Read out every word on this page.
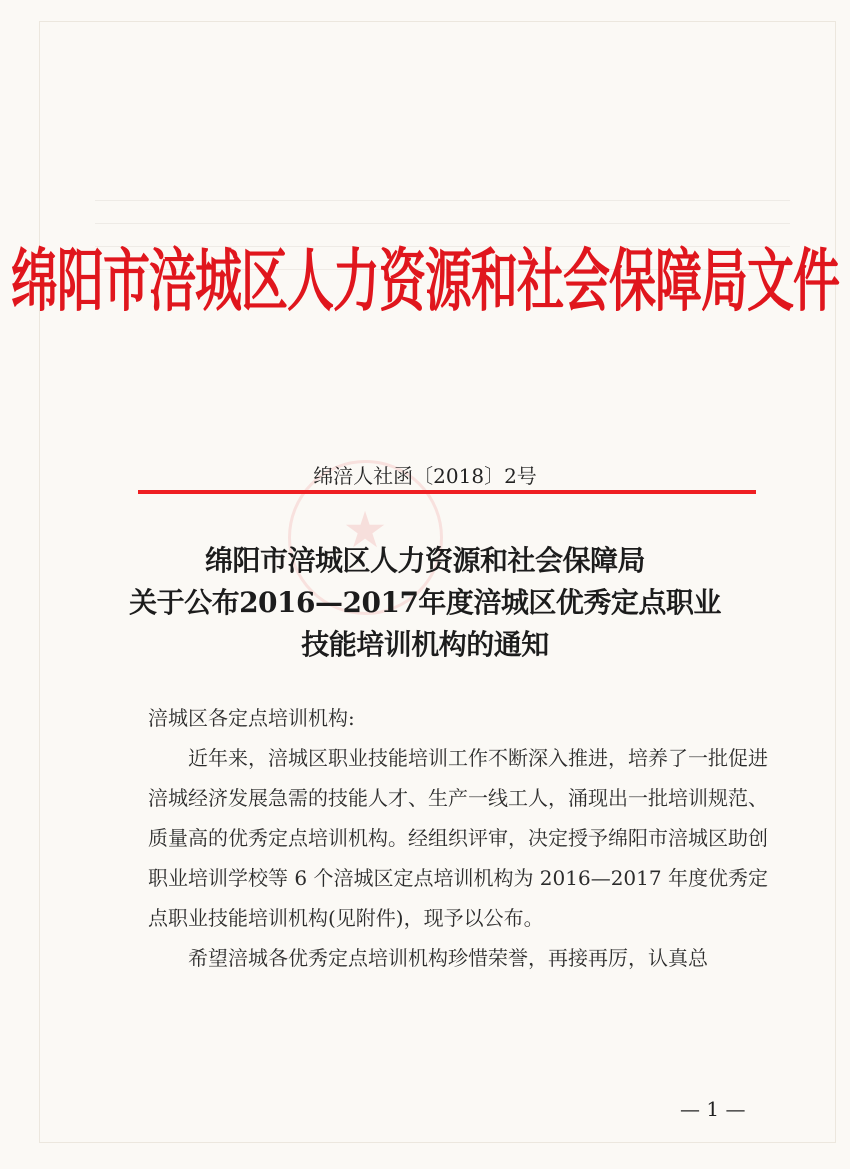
绵阳市涪城区人力资源和社会保障局文件
★
绵涪人社函〔2018〕2号
绵阳市涪城区人力资源和社会保障局
关于公布2016—2017年度涪城区优秀定点职业
技能培训机构的通知
涪城区各定点培训机构:
近年来，涪城区职业技能培训工作不断深入推进，培养了一批促进涪城经济发展急需的技能人才、生产一线工人，涌现出一批培训规范、质量高的优秀定点培训机构。经组织评审，决定授予绵阳市涪城区助创职业培训学校等 6 个涪城区定点培训机构为 2016—2017 年度优秀定点职业技能培训机构(见附件)，现予以公布。
希望涪城各优秀定点培训机构珍惜荣誉，再接再厉，认真总
— 1 —
